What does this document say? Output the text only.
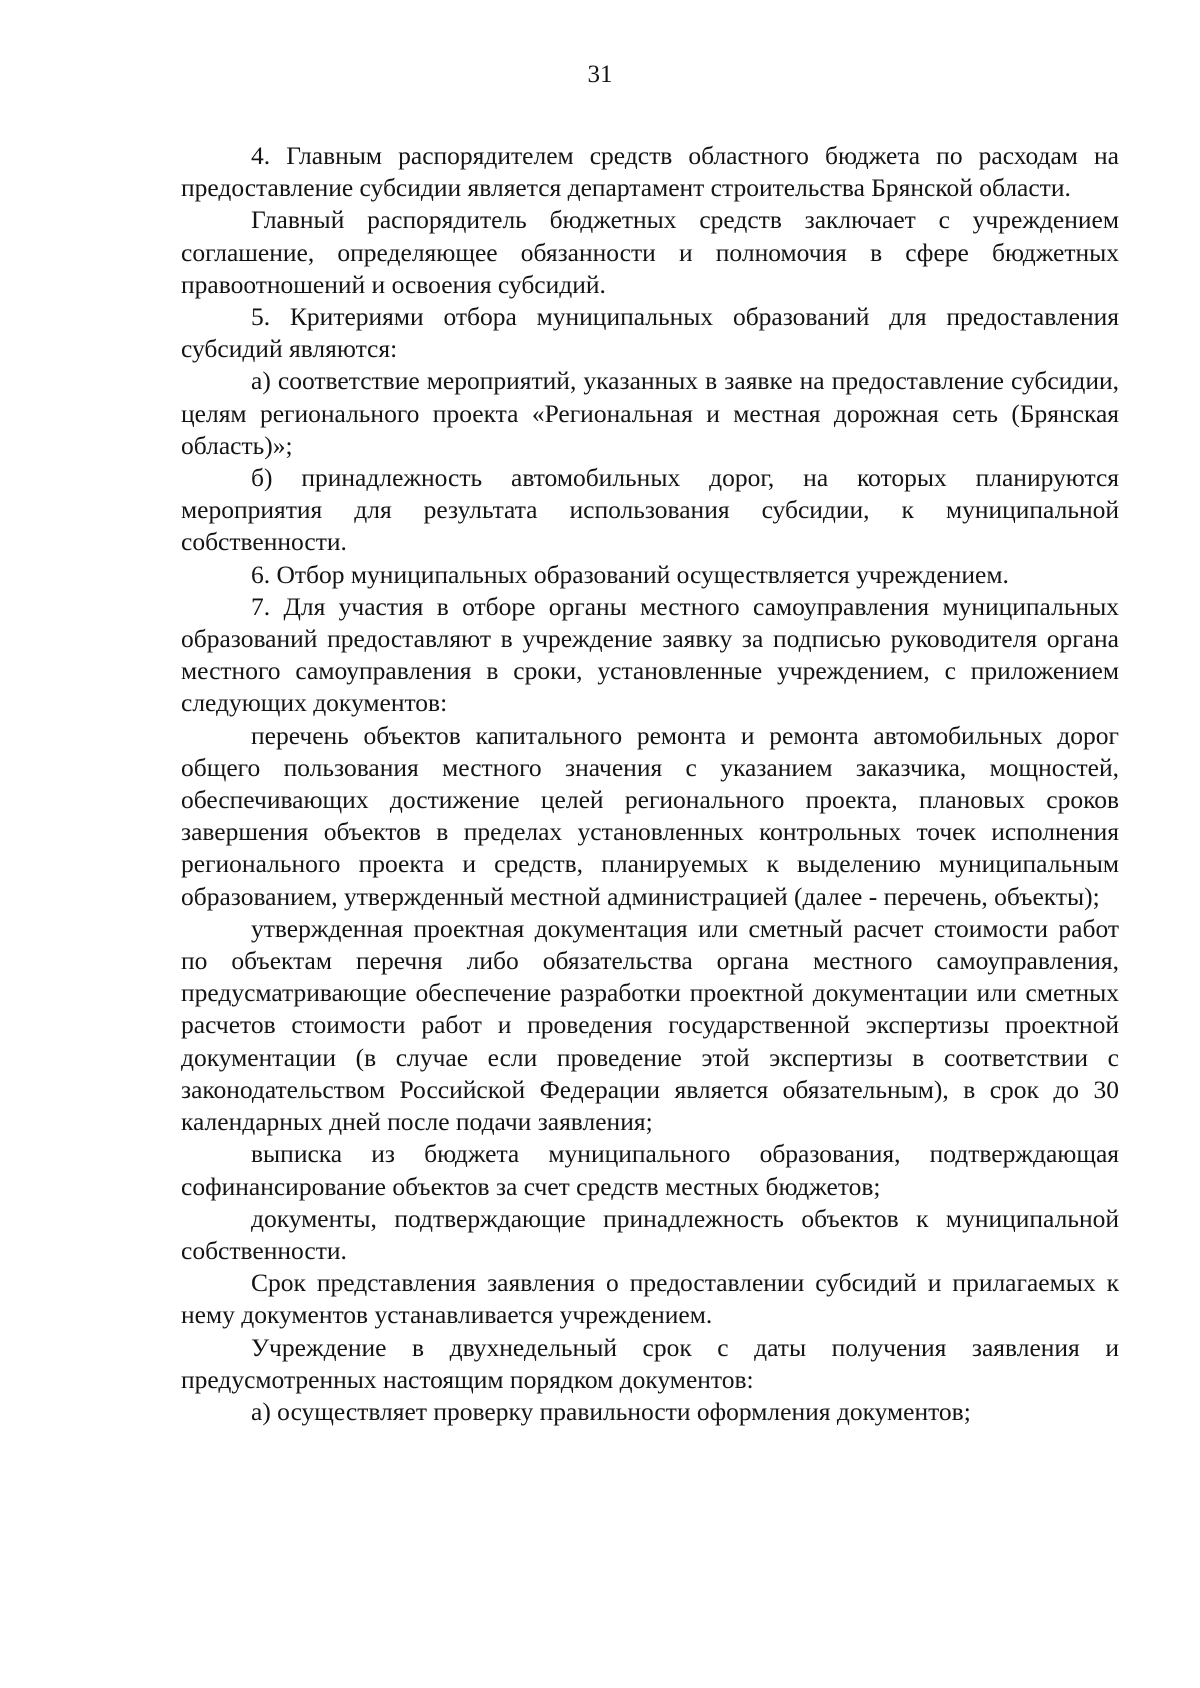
31

4. Главным распорядителем средств областного бюджета по расходам на предоставление субсидии является департамент строительства Брянской области.

Главный распорядитель бюджетных средств заключает с учреждением соглашение, определяющее обязанности и полномочия в сфере бюджетных правоотношений и освоения субсидий.

5. Критериями отбора муниципальных образований для предоставления субсидий являются:

а) соответствие мероприятий, указанных в заявке на предоставление субсидии, целям регионального проекта «Региональная и местная дорожная сеть (Брянская область)»;

б) принадлежность автомобильных дорог, на которых планируются мероприятия для результата использования субсидии, к муниципальной собственности.

6. Отбор муниципальных образований осуществляется учреждением.

7. Для участия в отборе органы местного самоуправления муниципальных образований предоставляют в учреждение заявку за подписью руководителя органа местного самоуправления в сроки, установленные учреждением, с приложением следующих документов:

перечень объектов капитального ремонта и ремонта автомобильных дорог общего пользования местного значения с указанием заказчика, мощностей, обеспечивающих достижение целей регионального проекта, плановых сроков завершения объектов в пределах установленных контрольных точек исполнения регионального проекта и средств, планируемых к выделению муниципальным образованием, утвержденный местной администрацией (далее - перечень, объекты);

утвержденная проектная документация или сметный расчет стоимости работ по объектам перечня либо обязательства органа местного самоуправления, предусматривающие обеспечение разработки проектной документации или сметных расчетов стоимости работ и проведения государственной экспертизы проектной документации (в случае если проведение этой экспертизы в соответствии с законодательством Российской Федерации является обязательным), в срок до 30 календарных дней после подачи заявления;

выписка из бюджета муниципального образования, подтверждающая софинансирование объектов за счет средств местных бюджетов;

документы, подтверждающие принадлежность объектов к муниципальной собственности.

Срок представления заявления о предоставлении субсидий и прилагаемых к нему документов устанавливается учреждением.

Учреждение в двухнедельный срок с даты получения заявления и предусмотренных настоящим порядком документов:

а) осуществляет проверку правильности оформления документов;
